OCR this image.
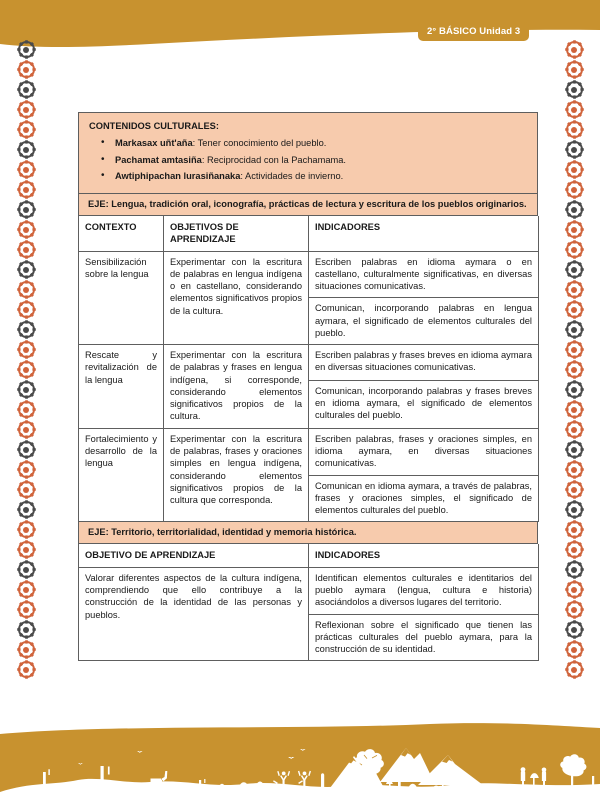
2° BÁSICO Unidad 3
CONTENIDOS CULTURALES:
• Markasax uñt'aña: Tener conocimiento del pueblo.
• Pachamat amtasiña: Reciprocidad con la Pachamama.
• Awtiphipachan lurasiñanaka: Actividades de invierno.
EJE: Lengua, tradición oral, iconografía, prácticas de lectura y escritura de los pueblos originarios.
CONTEXTO	OBJETIVOS DE APRENDIZAJE	INDICADORES
Sensibilización sobre la lengua	Experimentar con la escritura de palabras en lengua indígena o en castellano, considerando elementos significativos propios de la cultura.	Escriben palabras en idioma aymara o en castellano, culturalmente significativas, en diversas situaciones comunicativas.
		Comunican, incorporando palabras en lengua aymara, el significado de elementos culturales del pueblo.
Rescate y revitalización de la lengua	Experimentar con la escritura de palabras y frases en lengua indígena, si corresponde, considerando elementos significativos propios de la cultura.	Escriben palabras y frases breves en idioma aymara en diversas situaciones comunicativas.
		Comunican, incorporando palabras y frases breves en idioma aymara, el significado de elementos culturales del pueblo.
Fortalecimiento y desarrollo de la lengua	Experimentar con la escritura de palabras, frases y oraciones simples en lengua indígena, considerando elementos significativos propios de la cultura que corresponda.	Escriben palabras, frases y oraciones simples, en idioma aymara, en diversas situaciones comunicativas.
		Comunican en idioma aymara, a través de palabras, frases y oraciones simples, el significado de elementos culturales del pueblo.
EJE: Territorio, territorialidad, identidad y memoria histórica.
OBJETIVO DE APRENDIZAJE	INDICADORES
Valorar diferentes aspectos de la cultura indígena, comprendiendo que ello contribuye a la construcción de la identidad de las personas y pueblos.	Identifican elementos culturales e identitarios del pueblo aymara (lengua, cultura e historia) asociándolos a diversos lugares del territorio.
	Reflexionan sobre el significado que tienen las prácticas culturales del pueblo aymara, para la construcción de su identidad.
